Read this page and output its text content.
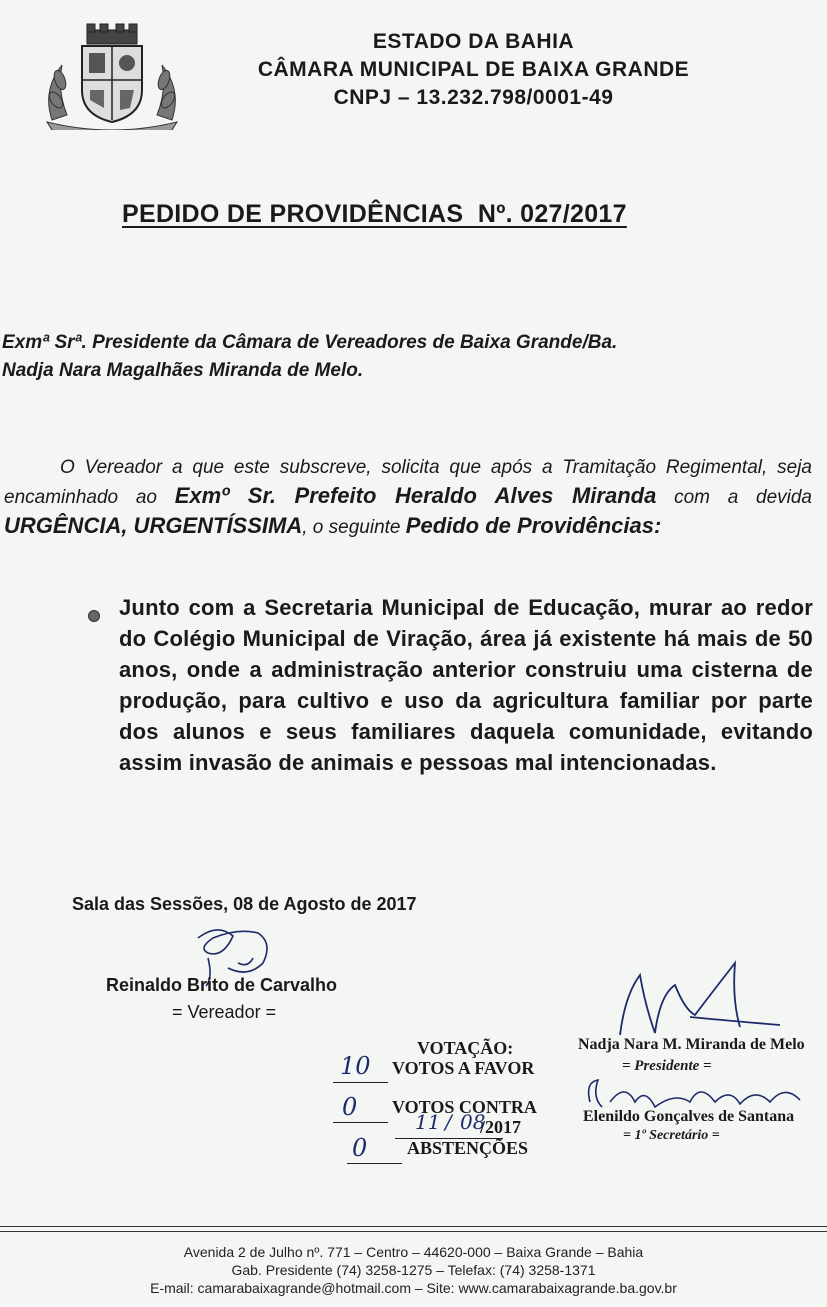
ESTADO DA BAHIA
CÂMARA MUNICIPAL DE BAIXA GRANDE
CNPJ – 13.232.798/0001-49
PEDIDO DE PROVIDÊNCIAS  Nº. 027/2017
Exmª Srª. Presidente da Câmara de Vereadores de Baixa Grande/Ba.
Nadja Nara Magalhães Miranda de Melo.
O Vereador a que este subscreve, solicita que após a Tramitação Regimental, seja encaminhado ao Exmº Sr. Prefeito Heraldo Alves Miranda com a devida URGÊNCIA, URGENTÍSSIMA, o seguinte Pedido de Providências:
Junto com a Secretaria Municipal de Educação, murar ao redor do Colégio Municipal de Viração, área já existente há mais de 50 anos, onde a administração anterior construiu uma cisterna de produção, para cultivo e uso da agricultura familiar por parte dos alunos e seus familiares daquela comunidade, evitando assim invasão de animais e pessoas mal intencionadas.
Sala das Sessões, 08 de Agosto de 2017
Reinaldo Brito de Carvalho
= Vereador =
VOTAÇÃO:
10 VOTOS A FAVOR
0 VOTOS CONTRA
11 / 08
/2017
0 ABSTENÇÕES
Nadja Nara M. Miranda de Melo
= Presidente =
Elenildo Gonçalves de Santana
= 1º Secretário =
Avenida 2 de Julho nº. 771 – Centro – 44620-000 – Baixa Grande – Bahia
Gab. Presidente (74) 3258-1275 – Telefax: (74) 3258-1371
E-mail: camarabaixagrande@hotmail.com – Site: www.camarabaixagrande.ba.gov.br
